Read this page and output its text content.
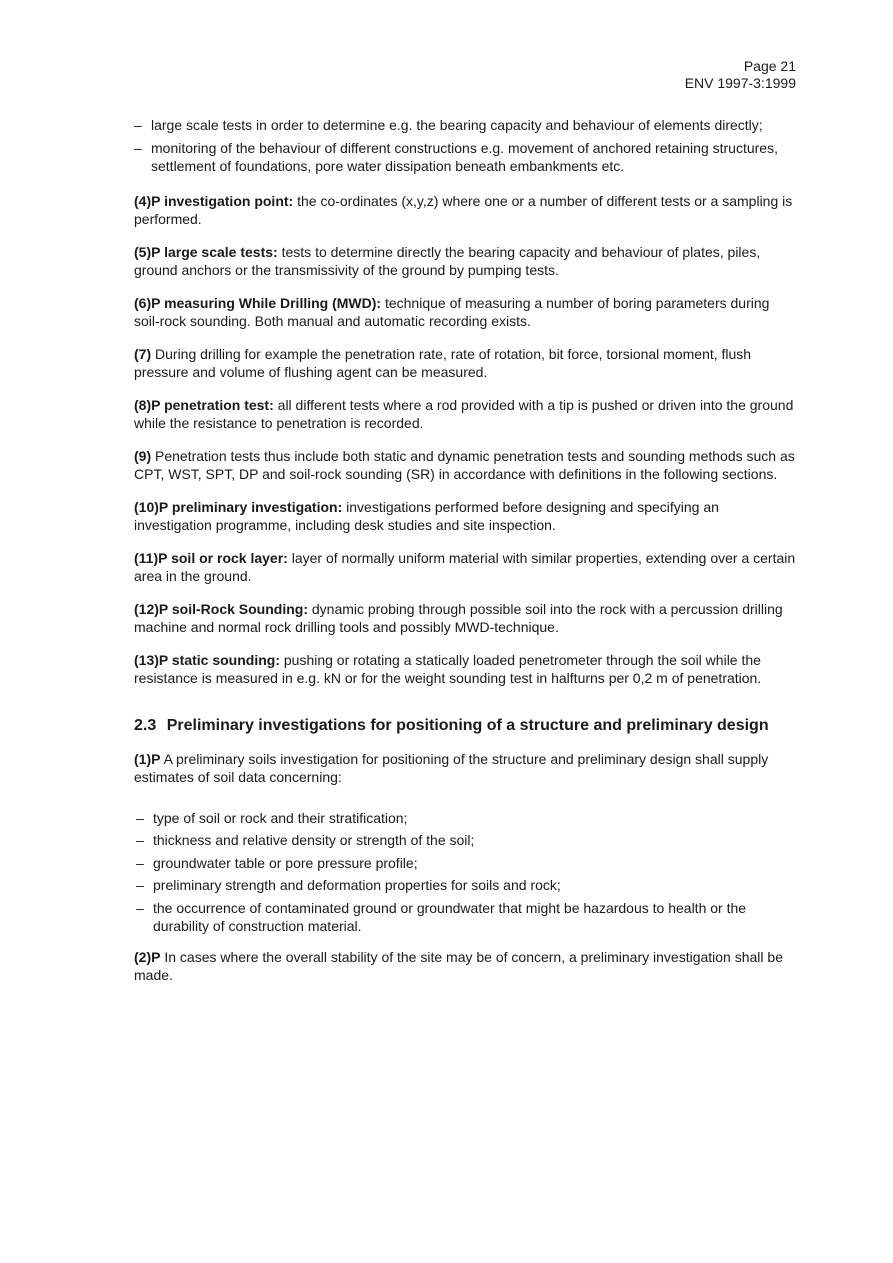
Page 21
ENV 1997-3:1999
– large scale tests in order to determine e.g. the bearing capacity and behaviour of elements directly;
– monitoring of the behaviour of different constructions e.g. movement of anchored retaining structures, settlement of foundations, pore water dissipation beneath embankments etc.

(4)P investigation point: the co-ordinates (x,y,z) where one or a number of different tests or a sampling is performed.

(5)P large scale tests: tests to determine directly the bearing capacity and behaviour of plates, piles, ground anchors or the transmissivity of the ground by pumping tests.

(6)P measuring While Drilling (MWD): technique of measuring a number of boring parameters during soil-rock sounding. Both manual and automatic recording exists.

(7) During drilling for example the penetration rate, rate of rotation, bit force, torsional moment, flush pressure and volume of flushing agent can be measured.

(8)P penetration test: all different tests where a rod provided with a tip is pushed or driven into the ground while the resistance to penetration is recorded.

(9) Penetration tests thus include both static and dynamic penetration tests and sounding methods such as CPT, WST, SPT, DP and soil-rock sounding (SR) in accordance with definitions in the following sections.

(10)P preliminary investigation: investigations performed before designing and specifying an investigation programme, including desk studies and site inspection.

(11)P soil or rock layer: layer of normally uniform material with similar properties, extending over a certain area in the ground.

(12)P soil-Rock Sounding: dynamic probing through possible soil into the rock with a percussion drilling machine and normal rock drilling tools and possibly MWD-technique.

(13)P static sounding: pushing or rotating a statically loaded penetrometer through the soil while the resistance is measured in e.g. kN or for the weight sounding test in halfturns per 0,2 m of penetration.

2.3 Preliminary investigations for positioning of a structure and preliminary design

(1)P A preliminary soils investigation for positioning of the structure and preliminary design shall supply estimates of soil data concerning:

– type of soil or rock and their stratification;
– thickness and relative density or strength of the soil;
– groundwater table or pore pressure profile;
– preliminary strength and deformation properties for soils and rock;
– the occurrence of contaminated ground or groundwater that might be hazardous to health or the durability of construction material.

(2)P In cases where the overall stability of the site may be of concern, a preliminary investigation shall be made.
